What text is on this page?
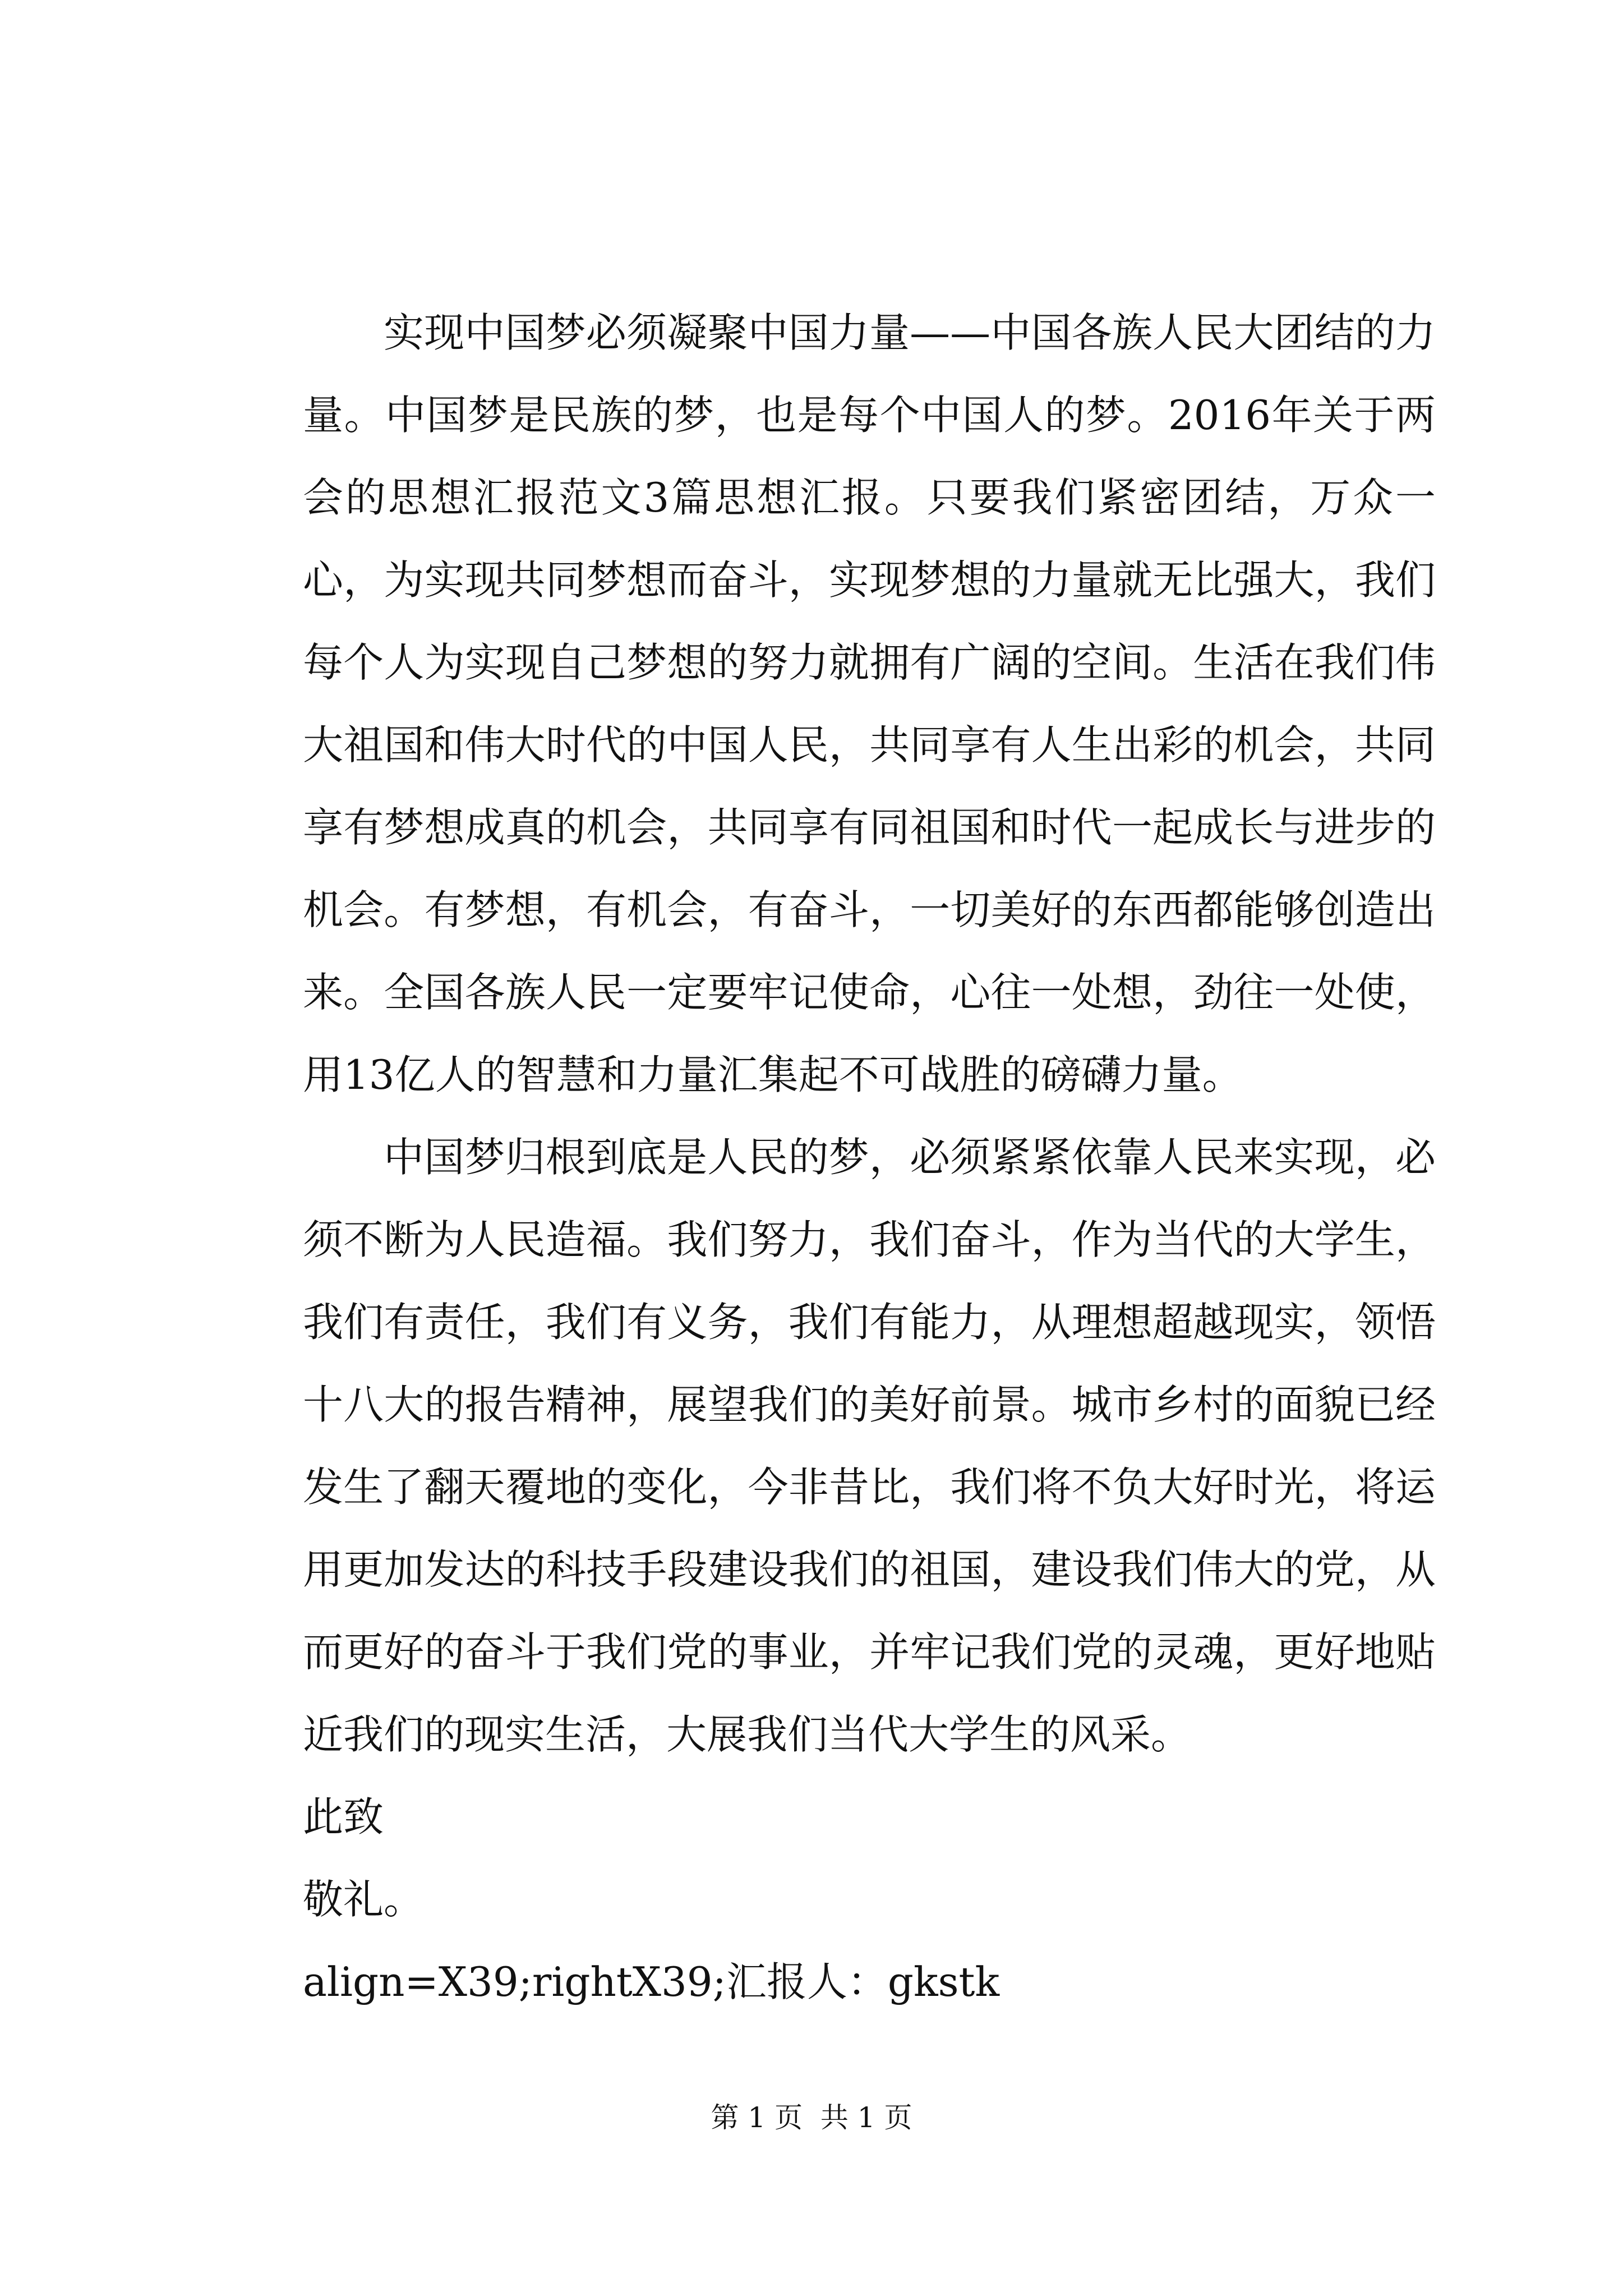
实现中国梦必须凝聚中国力量——中国各族人民大团结的力量。中国梦是民族的梦，也是每个中国人的梦。2016年关于两会的思想汇报范文3篇思想汇报。只要我们紧密团结，万众一心，为实现共同梦想而奋斗，实现梦想的力量就无比强大，我们每个人为实现自己梦想的努力就拥有广阔的空间。生活在我们伟大祖国和伟大时代的中国人民，共同享有人生出彩的机会，共同享有梦想成真的机会，共同享有同祖国和时代一起成长与进步的机会。有梦想，有机会，有奋斗，一切美好的东西都能够创造出来。全国各族人民一定要牢记使命，心往一处想，劲往一处使，用13亿人的智慧和力量汇集起不可战胜的磅礴力量。

中国梦归根到底是人民的梦，必须紧紧依靠人民来实现，必须不断为人民造福。我们努力，我们奋斗，作为当代的大学生，我们有责任，我们有义务，我们有能力，从理想超越现实，领悟十八大的报告精神，展望我们的美好前景。城市乡村的面貌已经发生了翻天覆地的变化，今非昔比，我们将不负大好时光，将运用更加发达的科技手段建设我们的祖国，建设我们伟大的党，从而更好的奋斗于我们党的事业，并牢记我们党的灵魂，更好地贴近我们的现实生活，大展我们当代大学生的风采。

此致

敬礼。

align=X39;rightX39;汇报人：gkstk

第 1 页  共 1 页
